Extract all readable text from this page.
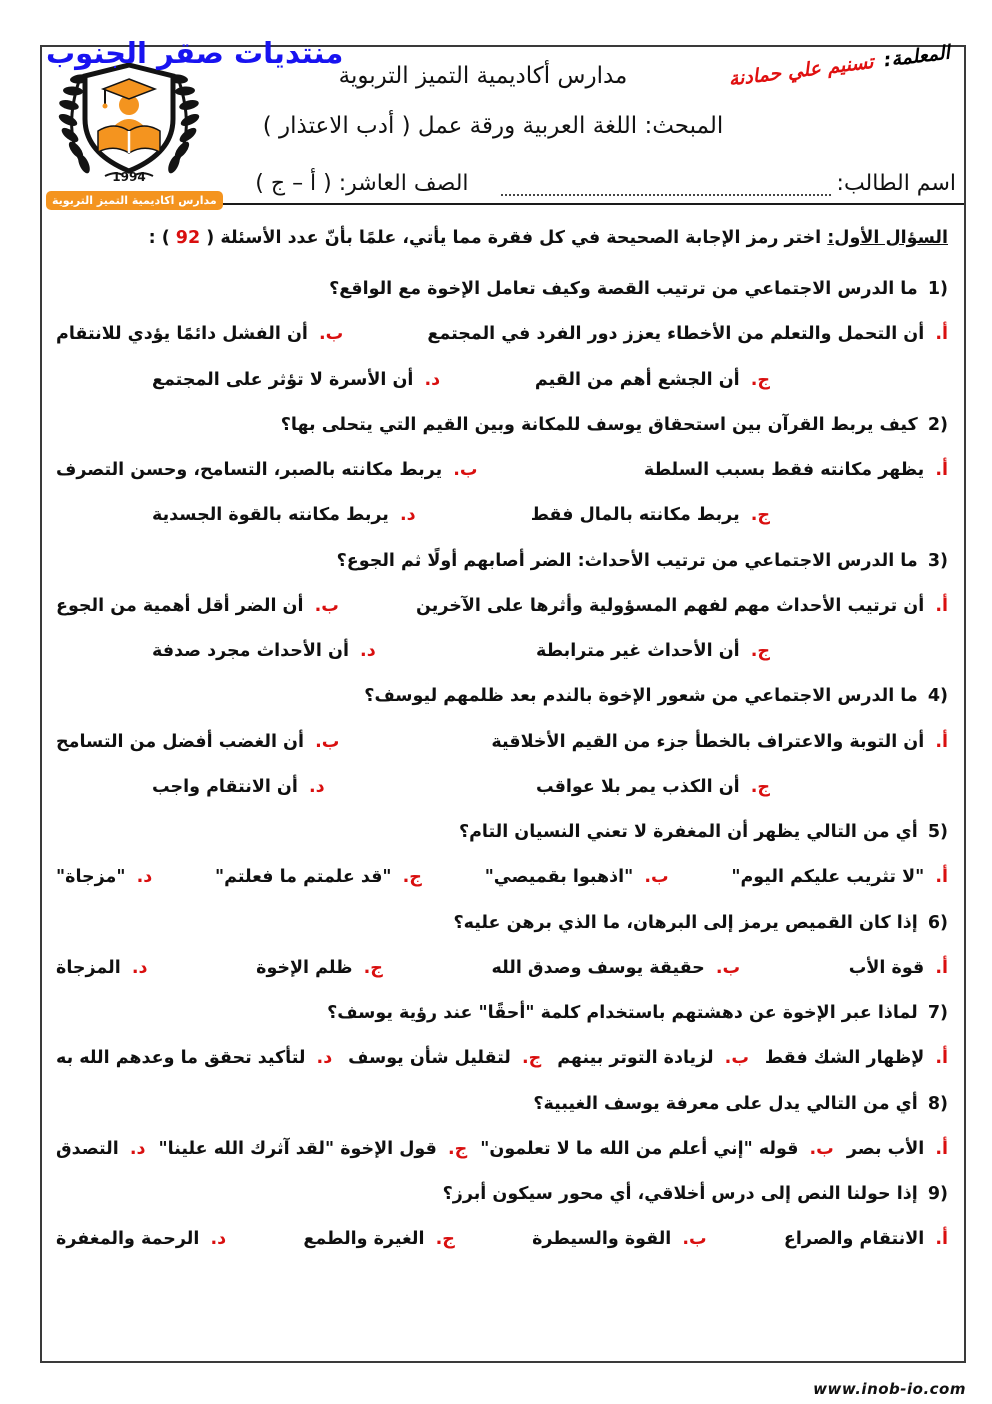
منتديات صقر الجنوب
1994
مدارس اكاديمية التميز التربوية
مدارس أكاديمية التميز التربوية
المعلمة: تسنيم علي حمادنة
المبحث: اللغة العربية ورقة عمل ( أدب الاعتذار )
اسم الطالب:
الصف العاشر: ( أ – ج )
السؤال الأول: اختر رمز الإجابة الصحيحة في كل فقرة مما يأتي، علمًا بأنّ عدد الأسئلة ( 92 ) :
1) ما الدرس الاجتماعي من ترتيب القصة وكيف تعامل الإخوة مع الواقع؟
أ. أن التحمل والتعلم من الأخطاء يعزز دور الفرد في المجتمع
ب. أن الفشل دائمًا يؤدي للانتقام
ج. أن الجشع أهم من القيم
د. أن الأسرة لا تؤثر على المجتمع
2) كيف يربط القرآن بين استحقاق يوسف للمكانة وبين القيم التي يتحلى بها؟
أ. يظهر مكانته فقط بسبب السلطة
ب. يربط مكانته بالصبر، التسامح، وحسن التصرف
ج. يربط مكانته بالمال فقط
د. يربط مكانته بالقوة الجسدية
3) ما الدرس الاجتماعي من ترتيب الأحداث: الضر أصابهم أولًا ثم الجوع؟
أ. أن ترتيب الأحداث مهم لفهم المسؤولية وأثرها على الآخرين
ب. أن الضر أقل أهمية من الجوع
ج. أن الأحداث غير مترابطة
د. أن الأحداث مجرد صدفة
4) ما الدرس الاجتماعي من شعور الإخوة بالندم بعد ظلمهم ليوسف؟
أ. أن التوبة والاعتراف بالخطأ جزء من القيم الأخلاقية
ب. أن الغضب أفضل من التسامح
ج. أن الكذب يمر بلا عواقب
د. أن الانتقام واجب
5) أي من التالي يظهر أن المغفرة لا تعني النسيان التام؟
أ. "لا تثريب عليكم اليوم"
ب. "اذهبوا بقميصي"
ج. "قد علمتم ما فعلتم"
د. "مزجاة"
6) إذا كان القميص يرمز إلى البرهان، ما الذي برهن عليه؟
أ. قوة الأب
ب. حقيقة يوسف وصدق الله
ج. ظلم الإخوة
د. المزجاة
7) لماذا عبر الإخوة عن دهشتهم باستخدام كلمة "أحقًا" عند رؤية يوسف؟
أ. لإظهار الشك فقط
ب. لزيادة التوتر بينهم
ج. لتقليل شأن يوسف
د. لتأكيد تحقق ما وعدهم الله به
8) أي من التالي يدل على معرفة يوسف الغيبية؟
أ. الأب بصر
ب. قوله "إني أعلم من الله ما لا تعلمون"
ج. قول الإخوة "لقد آثرك الله علينا"
د. التصدق
9) إذا حولنا النص إلى درس أخلاقي، أي محور سيكون أبرز؟
أ. الانتقام والصراع
ب. القوة والسيطرة
ج. الغيرة والطمع
د. الرحمة والمغفرة
www.inob-io.com
